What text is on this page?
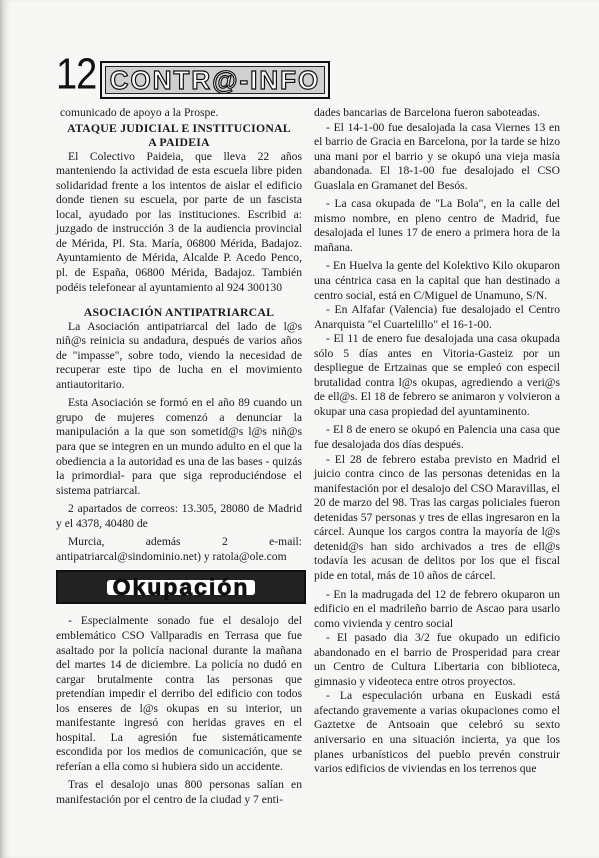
12 CONTR@-INFO

comunicado de apoyo a la Prospe.

ATAQUE JUDICIAL E INSTITUCIONAL
A PAIDEIA

El Colectivo Paideia, que lleva 22 años manteniendo la actividad de esta escuela libre piden solidaridad frente a los intentos de aislar el edificio donde tienen su escuela, por parte de un fascista local, ayudado por las instituciones. Escribid a: juzgado de instrucción 3 de la audiencia provincial de Mérida, Pl. Sta. María, 06800 Mérida, Badajoz. Ayuntamiento de Mérida, Alcalde P. Acedo Penco, pl. de España, 06800 Mérida, Badajoz. También podéis telefonear al ayuntamiento al 924 300130

ASOCIACIÓN ANTIPATRIARCAL

La Asociación antipatriarcal del lado de l@s niñ@s reinicia su andadura, después de varios años de "impasse", sobre todo, viendo la necesidad de recuperar este tipo de lucha en el movimiento antiautoritario.

Esta Asociación se formó en el año 89 cuando un grupo de mujeres comenzó a denunciar la manipulación a la que son sometid@s l@s niñ@s para que se integren en un mundo adulto en el que la obediencia a la autoridad es una de las bases - quizás la primordial- para que siga reproduciéndose el sistema patriarcal.

2 apartados de correos: 13.305, 28080 de Madrid y el 4378, 40480 de

Murcia, además 2 e-mail: antipatriarcal@sindominio.net) y ratola@ole.com

Okupación

- Especialmente sonado fue el desalojo del emblemático CSO Vallparadis en Terrasa que fue asaltado por la policía nacional durante la mañana del martes 14 de diciembre. La policía no dudó en cargar brutalmente contra las personas que pretendían impedir el derribo del edificio con todos los enseres de l@s okupas en su interior, un manifestante ingresó con heridas graves en el hospital. La agresión fue sistemáticamente escondida por los medios de comunicación, que se referían a ella como si hubiera sido un accidente.

Tras el desalojo unas 800 personas salían en manifestación por el centro de la ciudad y 7 enti-

dades bancarias de Barcelona fueron saboteadas.

- El 14-1-00 fue desalojada la casa Viernes 13 en el barrio de Gracia en Barcelona, por la tarde se hizo una mani por el barrio y se okupó una vieja masía abandonada. El 18-1-00 fue desalojado el CSO Guaslala en Gramanet del Besós.

- La casa okupada de "La Bola", en la calle del mismo nombre, en pleno centro de Madrid, fue desalojada el lunes 17 de enero a primera hora de la mañana.

- En Huelva la gente del Kolektivo Kilo okuparon una céntrica casa en la capital que han destinado a centro social, está en C/Miguel de Unamuno, S/N.

- En Alfafar (Valencia) fue desalojado el Centro Anarquista "el Cuartelillo" el 16-1-00.

- El 11 de enero fue desalojada una casa okupada sólo 5 días antes en Vitoria-Gasteiz por un despliegue de Ertzainas que se empleó con especil brutalidad contra l@s okupas, agrediendo a veri@s de ell@s. El 18 de febrero se animaron y volvieron a okupar una casa propiedad del ayuntaminento.

- El 8 de enero se okupó en Palencia una casa que fue desalojada dos días después.

- El 28 de febrero estaba previsto en Madrid el juicio contra cinco de las personas detenidas en la manifestación por el desalojo del CSO Maravillas, el 20 de marzo del 98. Tras las cargas policiales fueron detenidas 57 personas y tres de ellas ingresaron en la cárcel. Aunque los cargos contra la mayoría de l@s detenid@s han sido archivados a tres de ell@s todavía les acusan de delitos por los que el fiscal pide en total, más de 10 años de cárcel.

- En la madrugada del 12 de febrero okuparon un edificio en el madrileño barrio de Ascao para usarlo como vivienda y centro social

- El pasado dia 3/2 fue okupado un edificio abandonado en el barrio de Prosperidad para crear un Centro de Cultura Libertaria con biblioteca, gimnasio y videoteca entre otros proyectos.

- La especulación urbana en Euskadi está afectando gravemente a varias okupaciones como el Gaztetxe de Antsoain que celebró su sexto aniversario en una situación incierta, ya que los planes urbanísticos del pueblo prevén construir varios edificios de viviendas en los terrenos que
